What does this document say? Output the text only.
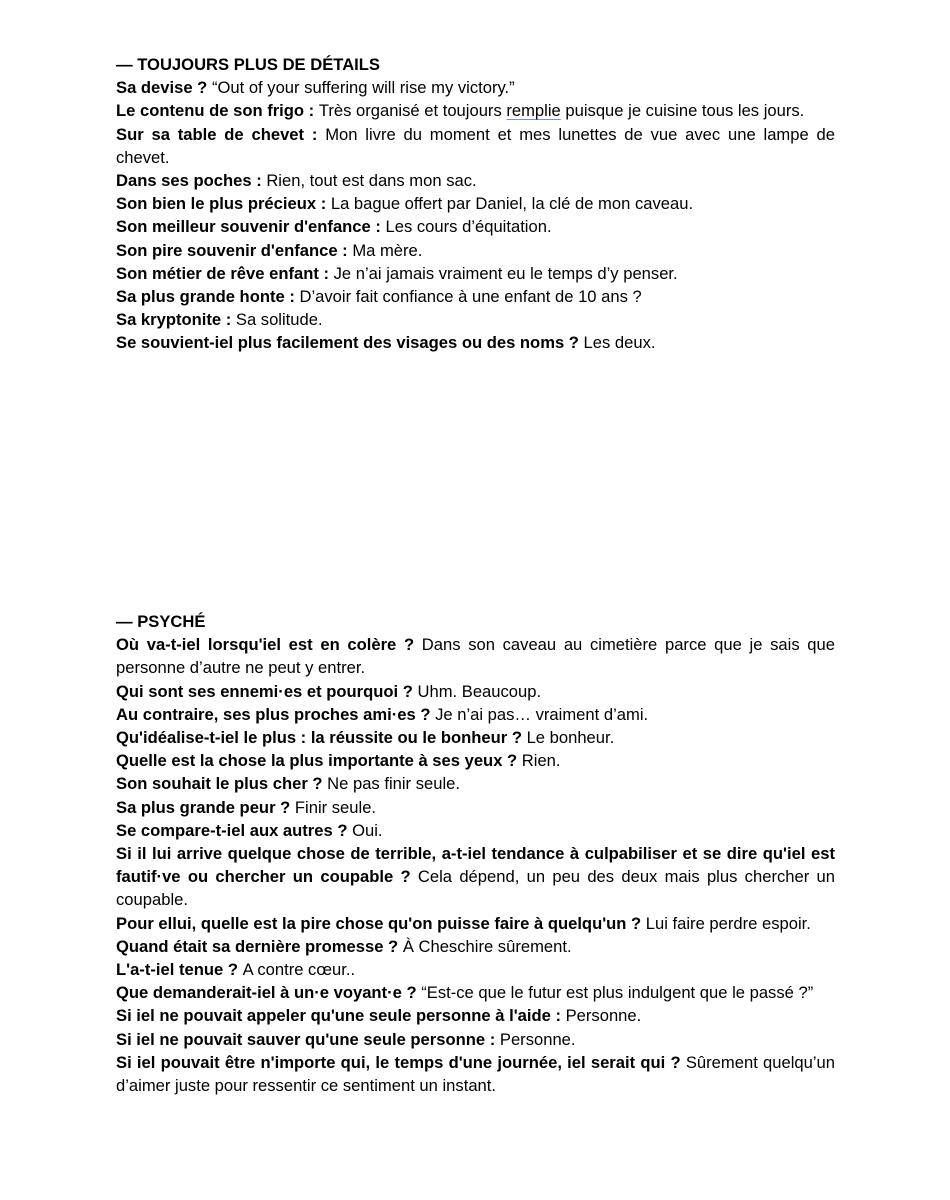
— TOUJOURS PLUS DE DÉTAILS

Sa devise ? “Out of your suffering will rise my victory.”

Le contenu de son frigo : Très organisé et toujours remplie puisque je cuisine tous les jours.

Sur sa table de chevet : Mon livre du moment et mes lunettes de vue avec une lampe de chevet.

Dans ses poches : Rien, tout est dans mon sac.

Son bien le plus précieux : La bague offert par Daniel, la clé de mon caveau.

Son meilleur souvenir d'enfance : Les cours d’équitation.

Son pire souvenir d'enfance : Ma mère.

Son métier de rêve enfant : Je n’ai jamais vraiment eu le temps d’y penser.

Sa plus grande honte : D’avoir fait confiance à une enfant de 10 ans ?

Sa kryptonite : Sa solitude.

Se souvient-iel plus facilement des visages ou des noms ? Les deux.

— PSYCHÉ

Où va-t-iel lorsqu'iel est en colère ? Dans son caveau au cimetière parce que je sais que personne d’autre ne peut y entrer.

Qui sont ses ennemi·es et pourquoi ? Uhm. Beaucoup.

Au contraire, ses plus proches ami·es ? Je n’ai pas… vraiment d’ami.

Qu'idéalise-t-iel le plus : la réussite ou le bonheur ? Le bonheur.

Quelle est la chose la plus importante à ses yeux ? Rien.

Son souhait le plus cher ? Ne pas finir seule.

Sa plus grande peur ? Finir seule.

Se compare-t-iel aux autres ? Oui.

Si il lui arrive quelque chose de terrible, a-t-iel tendance à culpabiliser et se dire qu'iel est fautif·ve ou chercher un coupable ? Cela dépend, un peu des deux mais plus chercher un coupable.

Pour ellui, quelle est la pire chose qu'on puisse faire à quelqu'un ? Lui faire perdre espoir.

Quand était sa dernière promesse ? À Cheschire sûrement.

L'a-t-iel tenue ? A contre cœur..

Que demanderait-iel à un·e voyant·e ? “Est-ce que le futur est plus indulgent que le passé ?”

Si iel ne pouvait appeler qu'une seule personne à l'aide : Personne.

Si iel ne pouvait sauver qu'une seule personne : Personne.

Si iel pouvait être n'importe qui, le temps d'une journée, iel serait qui ? Sûrement quelqu’un d’aimer juste pour ressentir ce sentiment un instant.
